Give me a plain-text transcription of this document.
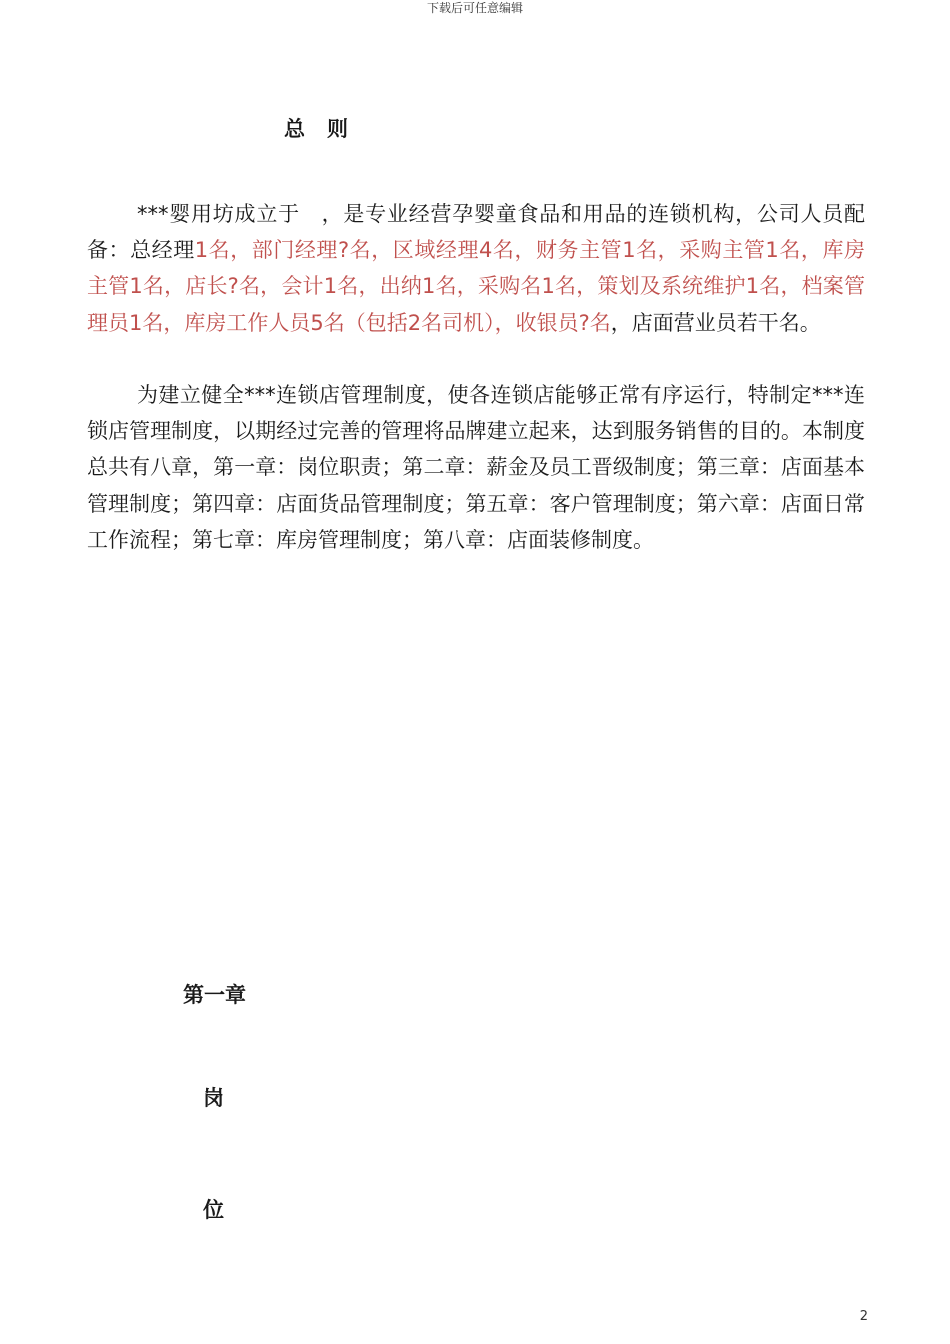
下载后可任意编辑
总则

***婴用坊成立于　，是专业经营孕婴童食品和用品的连锁机构，公司人员配备：总经理1名，部门经理?名，区域经理4名，财务主管1名，采购主管1名，库房主管1名，店长?名，会计1名，出纳1名，采购名1名，策划及系统维护1名，档案管理员1名，库房工作人员5名（包括2名司机），收银员?名，店面营业员若干名。

为建立健全***连锁店管理制度，使各连锁店能够正常有序运行，特制定***连锁店管理制度，以期经过完善的管理将品牌建立起来，达到服务销售的目的。本制度总共有八章，第一章：岗位职责；第二章：薪金及员工晋级制度；第三章：店面基本管理制度；第四章：店面货品管理制度；第五章：客户管理制度；第六章：店面日常工作流程；第七章：库房管理制度；第八章：店面装修制度。

第一章
岗
位
2
